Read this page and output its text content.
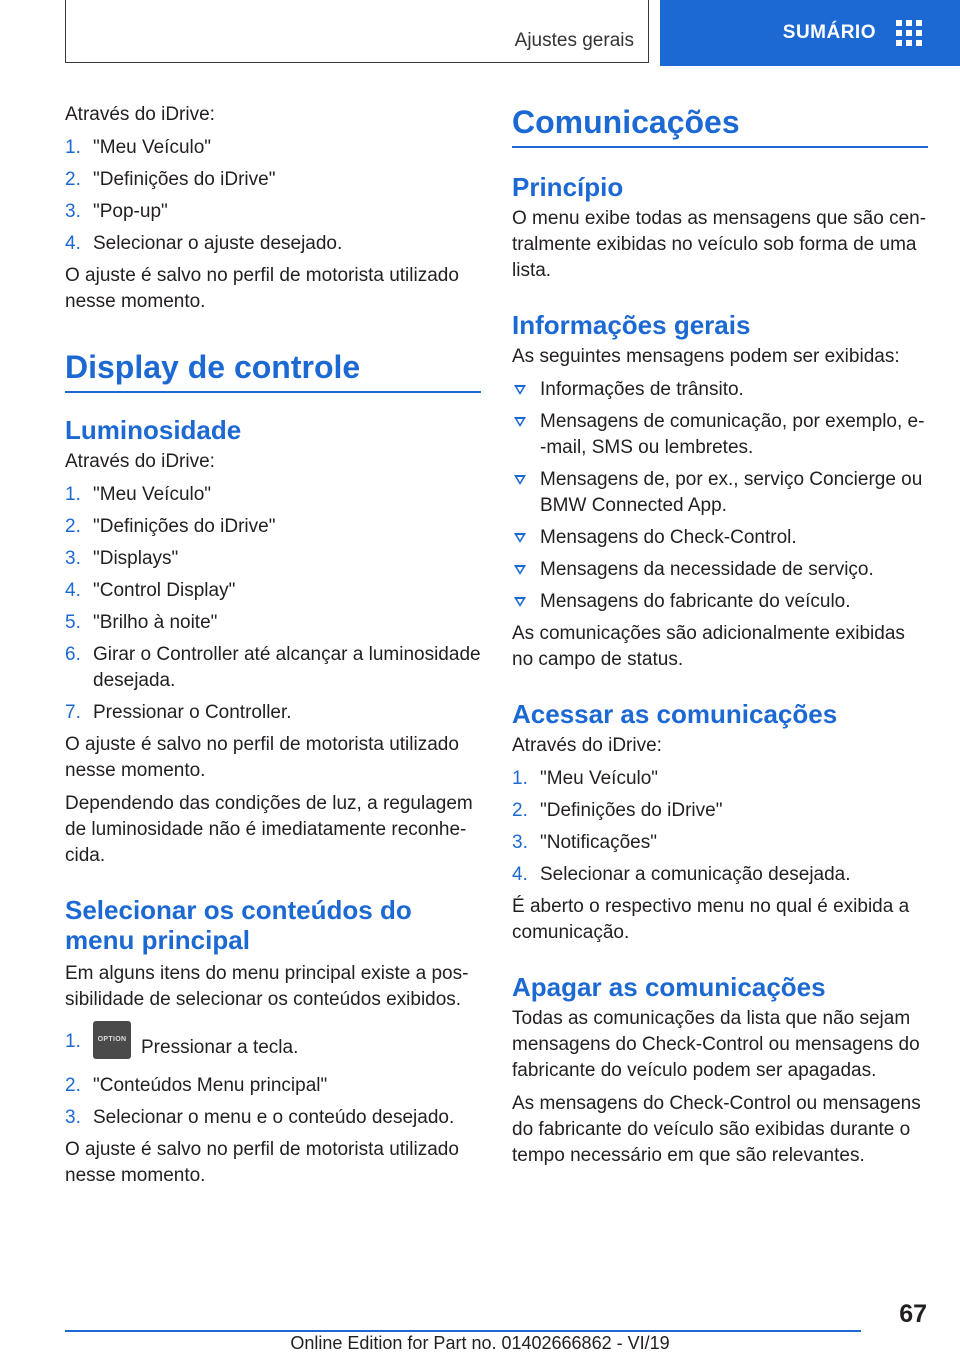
Ajustes gerais	SUMÁRIO

Através do iDrive:

1. "Meu Veículo"
2. "Definições do iDrive"
3. "Pop-up"
4. Selecionar o ajuste desejado.

O ajuste é salvo no perfil de motorista utilizado nesse momento.

Display de controle
Luminosidade

Através do iDrive:

1. "Meu Veículo"
2. "Definições do iDrive"
3. "Displays"
4. "Control Display"
5. "Brilho à noite"
6. Girar o Controller até alcançar a luminosidade desejada.
7. Pressionar o Controller.

O ajuste é salvo no perfil de motorista utilizado nesse momento.

Dependendo das condições de luz, a regulagem de luminosidade não é imediatamente reconhecida.

Selecionar os conteúdos do menu principal

Em alguns itens do menu principal existe a possibilidade de selecionar os conteúdos exibidos.

1. OPTION Pressionar a tecla.
2. "Conteúdos Menu principal"
3. Selecionar o menu e o conteúdo desejado.

O ajuste é salvo no perfil de motorista utilizado nesse momento.

Comunicações
Princípio

O menu exibe todas as mensagens que são centralmente exibidas no veículo sob forma de uma lista.

Informações gerais

As seguintes mensagens podem ser exibidas:

Informações de trânsito.
Mensagens de comunicação, por exemplo, e--mail, SMS ou lembretes.
Mensagens de, por ex., serviço Concierge ou BMW Connected App.
Mensagens do Check-Control.
Mensagens da necessidade de serviço.
Mensagens do fabricante do veículo.

As comunicações são adicionalmente exibidas no campo de status.

Acessar as comunicações

Através do iDrive:

1. "Meu Veículo"
2. "Definições do iDrive"
3. "Notificações"
4. Selecionar a comunicação desejada.

É aberto o respectivo menu no qual é exibida a comunicação.

Apagar as comunicações

Todas as comunicações da lista que não sejam mensagens do Check-Control ou mensagens do fabricante do veículo podem ser apagadas.

As mensagens do Check-Control ou mensagens do fabricante do veículo são exibidas durante o tempo necessário em que são relevantes.

67
Online Edition for Part no. 01402666862 - VI/19
